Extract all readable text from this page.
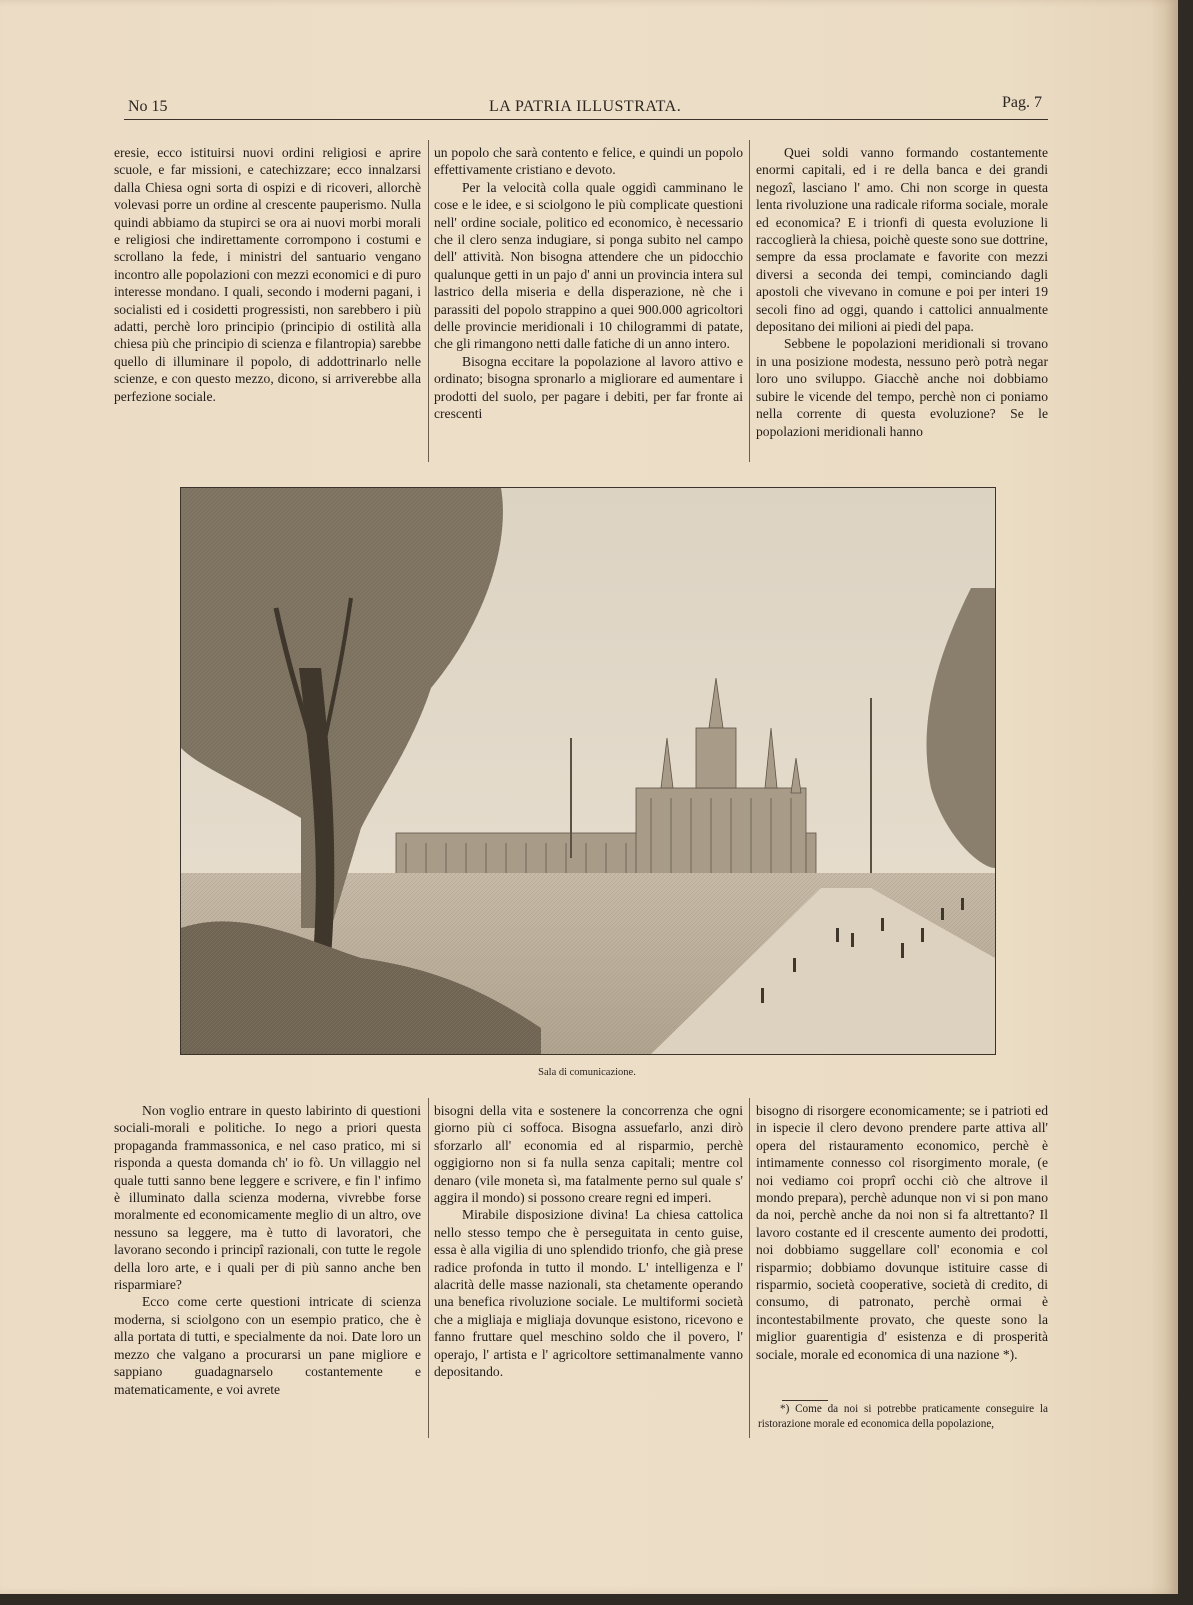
No 15	LA PATRIA ILLUSTRATA.	Pag. 7

eresie, ecco istituirsi nuovi ordini religiosi e aprire scuole, e far missioni, e catechizzare; ecco innalzarsi dalla Chiesa ogni sorta di ospizi e di ricoveri, allorchè volevasi porre un ordine al crescente pauperismo. Nulla quindi abbiamo da stupirci se ora ai nuovi morbi morali e religiosi che indirettamente corrompono i costumi e scrollano la fede, i ministri del santuario vengano incontro alle popolazioni con mezzi economici e di puro interesse mondano. I quali, secondo i moderni pagani, i socialisti ed i cosidetti progressisti, non sarebbero i più adatti, perchè loro principio (principio di ostilità alla chiesa più che principio di scienza e filantropia) sarebbe quello di illuminare il popolo, di addottrinarlo nelle scienze, e con questo mezzo, dicono, si arriverebbe alla perfezione sociale.

un popolo che sarà contento e felice, e quindi un popolo effettivamente cristiano e devoto.

Per la velocità colla quale oggidì camminano le cose e le idee, e si sciolgono le più complicate questioni nell' ordine sociale, politico ed economico, è necessario che il clero senza indugiare, si ponga subito nel campo dell' attività. Non bisogna attendere che un pidocchio qualunque getti in un pajo d' anni un provincia intera sul lastrico della miseria e della disperazione, nè che i parassiti del popolo strappino a quei 900.000 agricoltori delle provincie meridionali i 10 chilogrammi di patate, che gli rimangono netti dalle fatiche di un anno intero.

Bisogna eccitare la popolazione al lavoro attivo e ordinato; bisogna spronarlo a migliorare ed aumentare i prodotti del suolo, per pagare i debiti, per far fronte ai crescenti

Quei soldi vanno formando costantemente enormi capitali, ed i re della banca e dei grandi negozî, lasciano l' amo. Chi non scorge in questa lenta rivoluzione una radicale riforma sociale, morale ed economica? E i trionfi di questa evoluzione li raccoglierà la chiesa, poichè queste sono sue dottrine, sempre da essa proclamate e favorite con mezzi diversi a seconda dei tempi, cominciando dagli apostoli che vivevano in comune e poi per interi 19 secoli fino ad oggi, quando i cattolici annualmente depositano dei milioni ai piedi del papa.

Sebbene le popolazioni meridionali si trovano in una posizione modesta, nessuno però potrà negar loro uno sviluppo. Giacchè anche noi dobbiamo subire le vicende del tempo, perchè non ci poniamo nella corrente di questa evoluzione? Se le popolazioni meridionali hanno

Sala di comunicazione.

Non voglio entrare in questo labirinto di questioni sociali-morali e politiche. Io nego a priori questa propaganda frammassonica, e nel caso pratico, mi si risponda a questa domanda ch' io fò. Un villaggio nel quale tutti sanno bene leggere e scrivere, e fin l' infimo è illuminato dalla scienza moderna, vivrebbe forse moralmente ed economicamente meglio di un altro, ove nessuno sa leggere, ma è tutto di lavoratori, che lavorano secondo i principî razionali, con tutte le regole della loro arte, e i quali per di più sanno anche ben risparmiare?

Ecco come certe questioni intricate di scienza moderna, si sciolgono con un esempio pratico, che è alla portata di tutti, e specialmente da noi. Date loro un mezzo che valgano a procurarsi un pane migliore e sappiano guadagnarselo costantemente e matematicamente, e voi avrete

bisogni della vita e sostenere la concorrenza che ogni giorno più ci soffoca. Bisogna assuefarlo, anzi dirò sforzarlo all' economia ed al risparmio, perchè oggigiorno non si fa nulla senza capitali; mentre col denaro (vile moneta sì, ma fatalmente perno sul quale s' aggira il mondo) si possono creare regni ed imperi.

Mirabile disposizione divina! La chiesa cattolica nello stesso tempo che è perseguitata in cento guise, essa è alla vigilia di uno splendido trionfo, che già prese radice profonda in tutto il mondo. L' intelligenza e l' alacrità delle masse nazionali, sta chetamente operando una benefica rivoluzione sociale. Le multiformi società che a migliaja e migliaja dovunque esistono, ricevono e fanno fruttare quel meschino soldo che il povero, l' operajo, l' artista e l' agricoltore settimanalmente vanno depositando.

bisogno di risorgere economicamente; se i patrioti ed in ispecie il clero devono prendere parte attiva all' opera del ristauramento economico, perchè è intimamente connesso col risorgimento morale, (e noi vediamo coi proprî occhi ciò che altrove il mondo prepara), perchè adunque non vi si pon mano da noi, perchè anche da noi non si fa altrettanto? Il lavoro costante ed il crescente aumento dei prodotti, noi dobbiamo suggellare coll' economia e col risparmio; dobbiamo dovunque istituire casse di risparmio, società cooperative, società di credito, di consumo, di patronato, perchè ormai è incontestabilmente provato, che queste sono la miglior guarentigia d' esistenza e di prosperità sociale, morale ed economica di una nazione *).

*) Come da noi si potrebbe praticamente conseguire la ristorazione morale ed economica della popolazione,
